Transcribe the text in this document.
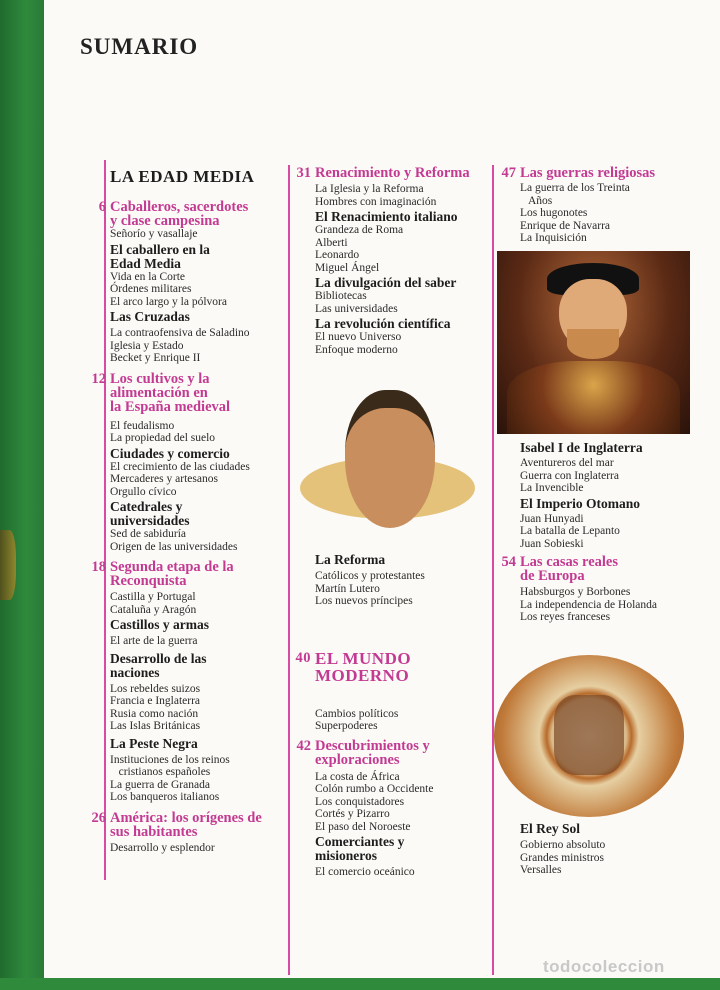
SUMARIO
LA EDAD MEDIA
6 Caballeros, sacerdotes
y clase campesina
Señorío y vasallaje
El caballero en la
Edad Media
Vida en la Corte
Órdenes militares
El arco largo y la pólvora
Las Cruzadas
La contraofensiva de Saladino
Iglesia y Estado
Becket y Enrique II
12 Los cultivos y la
alimentación en
la España medieval
El feudalismo
La propiedad del suelo
Ciudades y comercio
El crecimiento de las ciudades
Mercaderes y artesanos
Orgullo cívico
Catedrales y
universidades
Sed de sabiduría
Origen de las universidades
18 Segunda etapa de la
Reconquista
Castilla y Portugal
Cataluña y Aragón
Castillos y armas
El arte de la guerra
Desarrollo de las
naciones
Los rebeldes suizos
Francia e Inglaterra
Rusia como nación
Las Islas Británicas
La Peste Negra
Instituciones de los reinos
cristianos españoles
La guerra de Granada
Los banqueros italianos
26 América: los orígenes de
sus habitantes
Desarrollo y esplendor
31 Renacimiento y Reforma
La Iglesia y la Reforma
Hombres con imaginación
El Renacimiento italiano
Grandeza de Roma
Alberti
Leonardo
Miguel Ángel
La divulgación del saber
Bibliotecas
Las universidades
La revolución científica
El nuevo Universo
Enfoque moderno
La Reforma
Católicos y protestantes
Martín Lutero
Los nuevos príncipes
40 EL MUNDO
MODERNO
Cambios políticos
Superpoderes
42 Descubrimientos y
exploraciones
La costa de África
Colón rumbo a Occidente
Los conquistadores
Cortés y Pizarro
El paso del Noroeste
Comerciantes y
misioneros
El comercio oceánico
47 Las guerras religiosas
La guerra de los Treinta
Años
Los hugonotes
Enrique de Navarra
La Inquisición
Isabel I de Inglaterra
Aventureros del mar
Guerra con Inglaterra
La Invencible
El Imperio Otomano
Juan Hunyadi
La batalla de Lepanto
Juan Sobieski
54 Las casas reales
de Europa
Habsburgos y Borbones
La independencia de Holanda
Los reyes franceses
El Rey Sol
Gobierno absoluto
Grandes ministros
Versalles
todocoleccion
